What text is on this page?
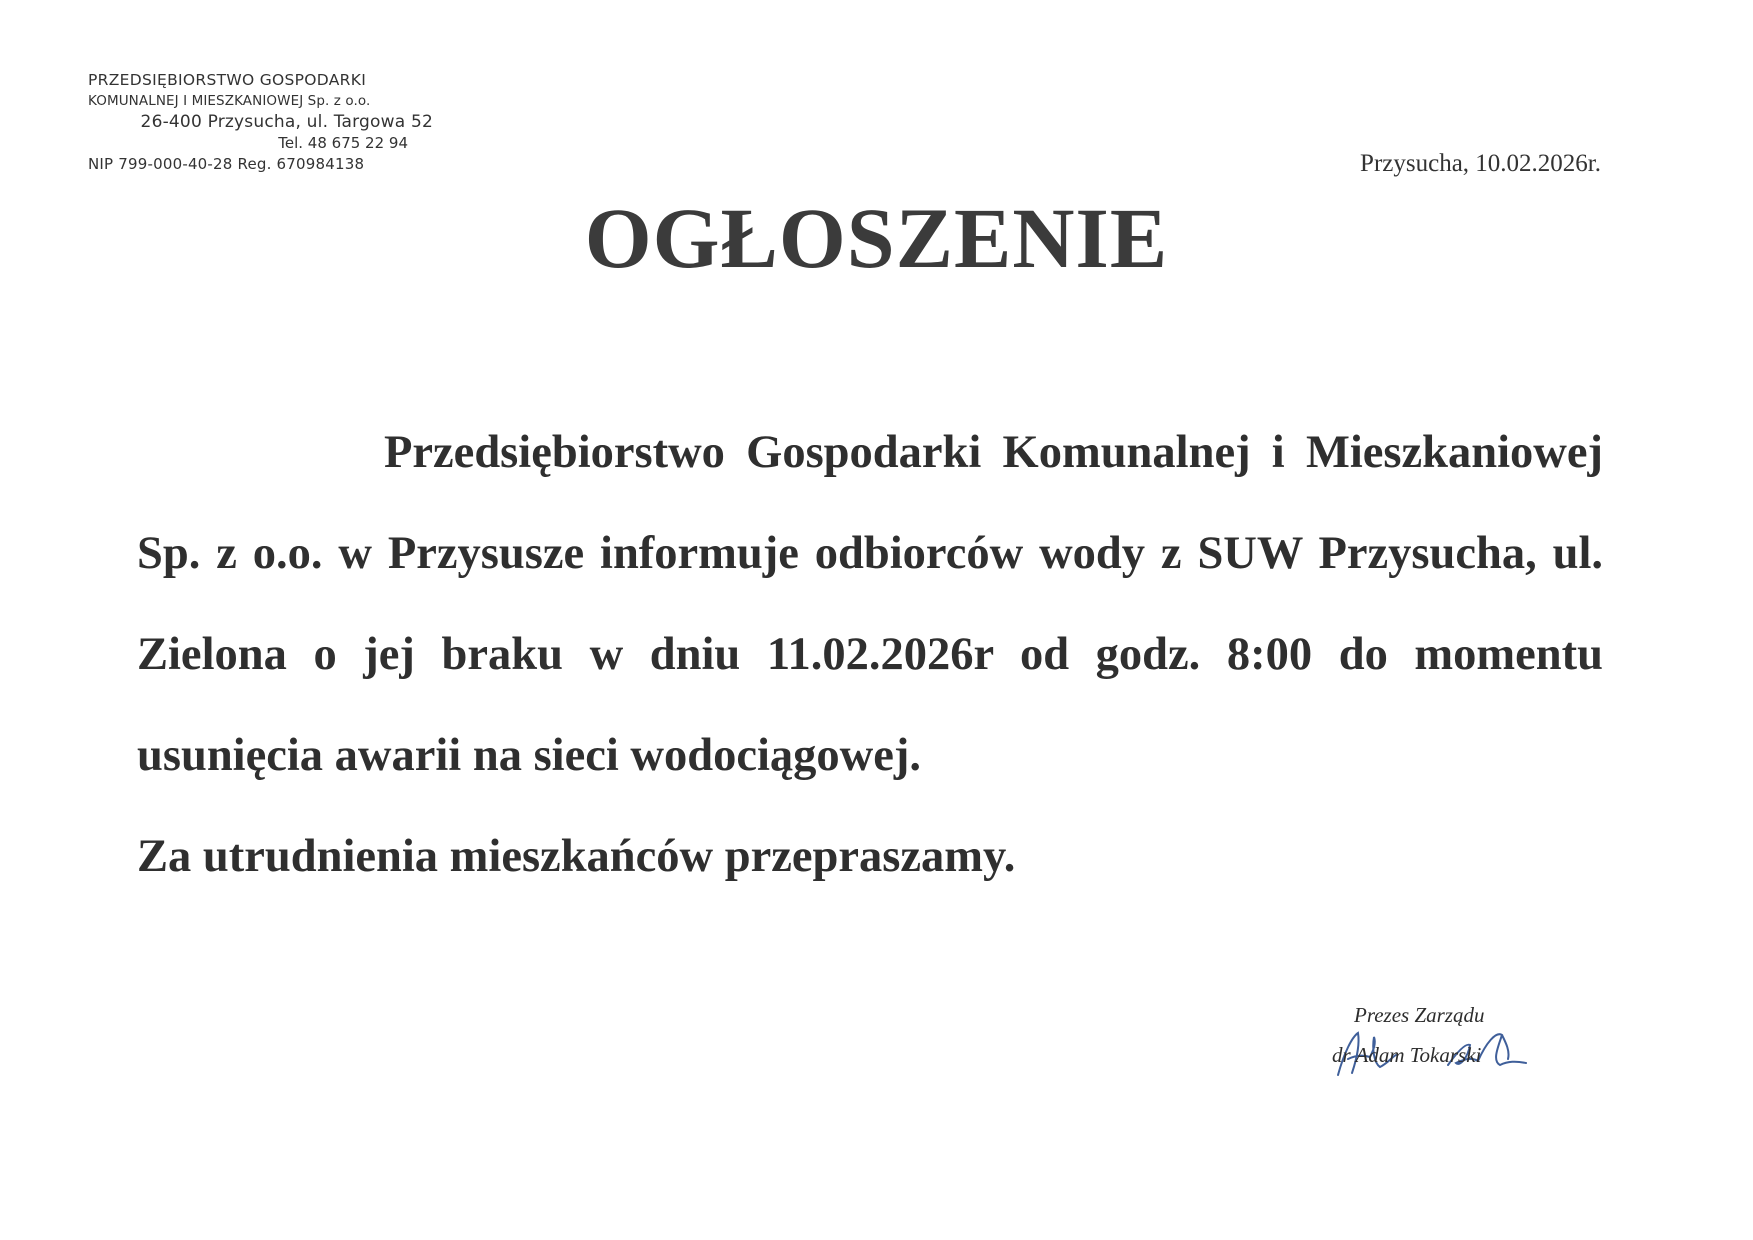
PRZEDSIĘBIORSTWO GOSPODARKI
KOMUNALNEJ I MIESZKANIOWEJ Sp. z o.o.
26-400 Przysucha, ul. Targowa 52
Tel. 48 675 22 94
NIP 799-000-40-28 Reg. 670984138	Przysucha, 10.02.2026r.
OGŁOSZENIE

Przedsiębiorstwo Gospodarki Komunalnej i Mieszkaniowej Sp. z o.o. w Przysusze informuje odbiorców wody z SUW Przysucha, ul. Zielona o jej braku w dniu 11.02.2026r od godz. 8:00 do momentu usunięcia awarii na sieci wodociągowej.

Za utrudnienia mieszkańców przepraszamy.

Prezes Zarządu
dr Adam Tokarski
